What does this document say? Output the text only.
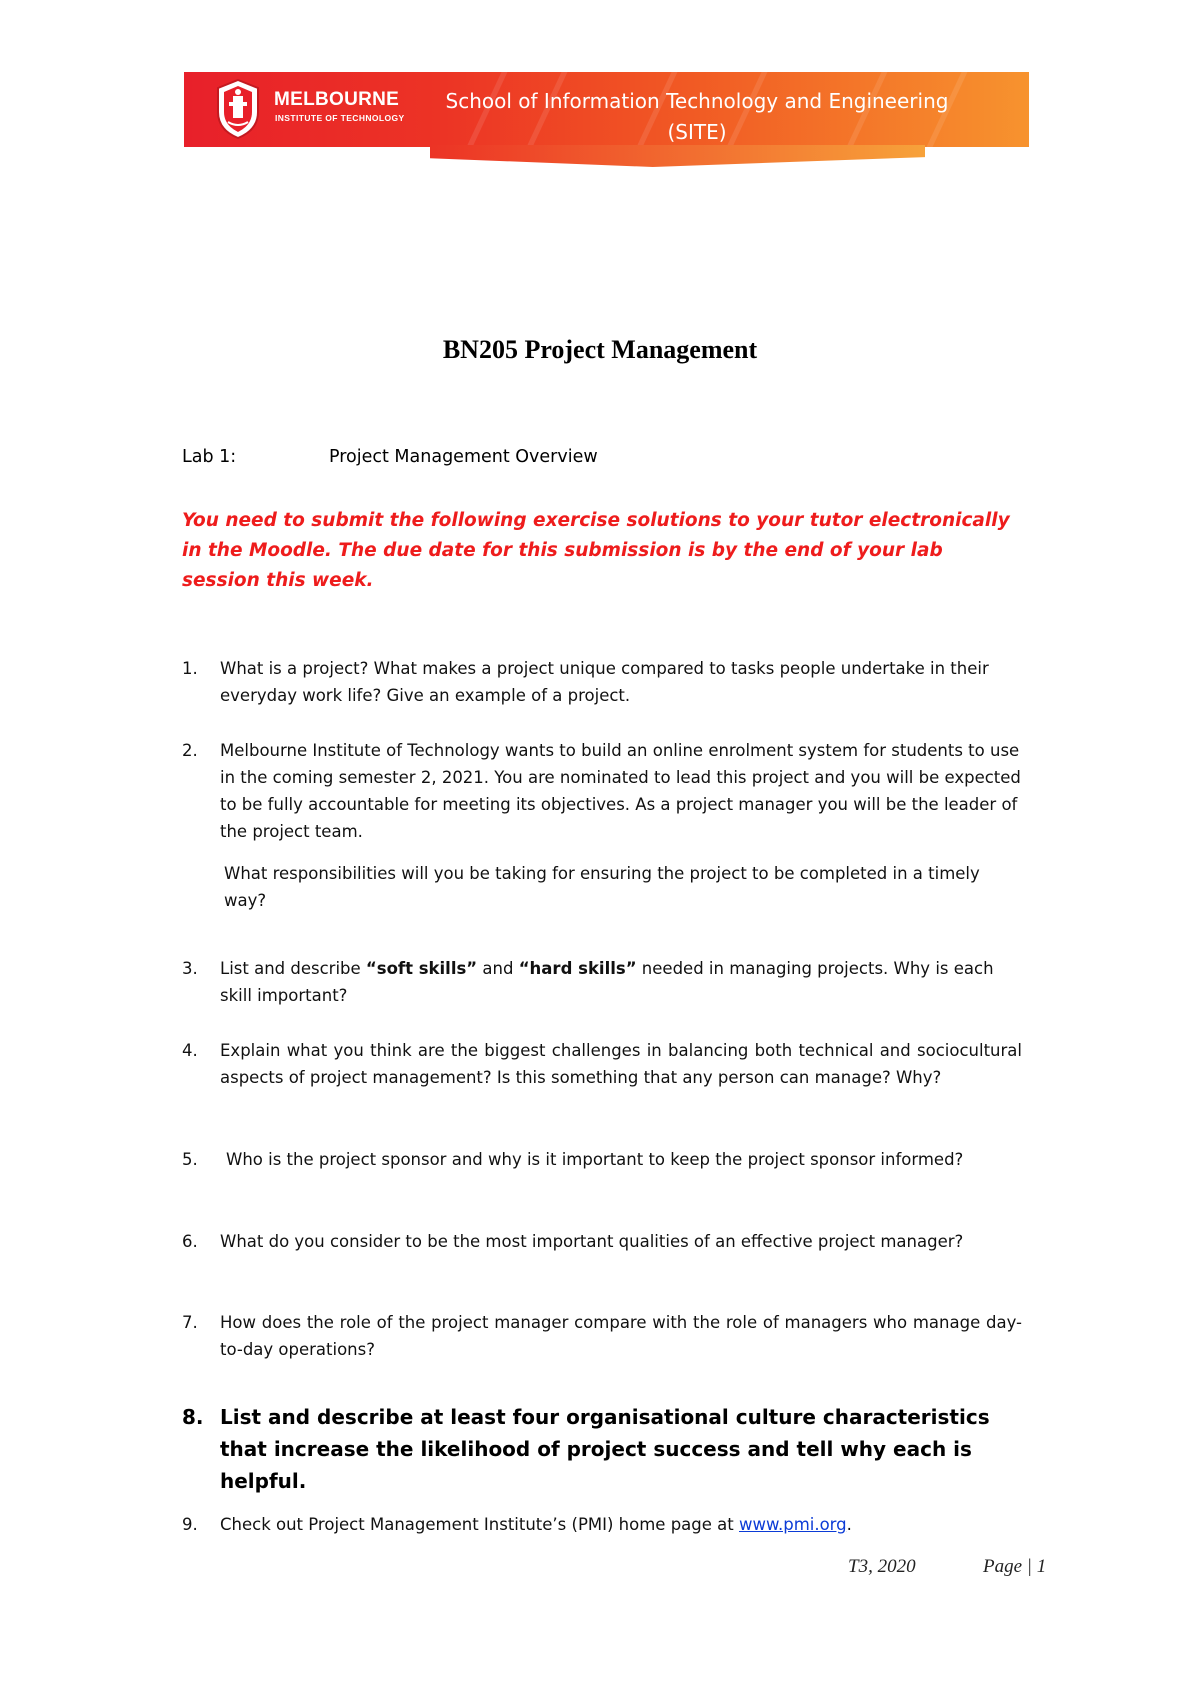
MELBOURNE
INSTITUTE OF TECHNOLOGY
School of Information Technology and Engineering
(SITE)
BN205 Project Management
Lab 1:	Project Management Overview
You need to submit the following exercise solutions to your tutor electronically in the Moodle. The due date for this submission is by the end of your lab session this week.
1.	What is a project? What makes a project unique compared to tasks people undertake in their everyday work life? Give an example of a project.
2.	Melbourne Institute of Technology wants to build an online enrolment system for students to use in the coming semester 2, 2021. You are nominated to lead this project and you will be expected to be fully accountable for meeting its objectives. As a project manager you will be the leader of the project team.
What responsibilities will you be taking for ensuring the project to be completed in a timely way?
3.	List and describe “soft skills” and “hard skills” needed in managing projects. Why is each skill important?
4.	Explain what you think are the biggest challenges in balancing both technical and sociocultural aspects of project management? Is this something that any person can manage? Why?
5.	Who is the project sponsor and why is it important to keep the project sponsor informed?
6.	What do you consider to be the most important qualities of an effective project manager?
7.	How does the role of the project manager compare with the role of managers who manage day-to-day operations?
8. List and describe at least four organisational culture characteristics that increase the likelihood of project success and tell why each is helpful.
9.	Check out Project Management Institute’s (PMI) home page at www.pmi.org.
T3, 2020	Page | 1
